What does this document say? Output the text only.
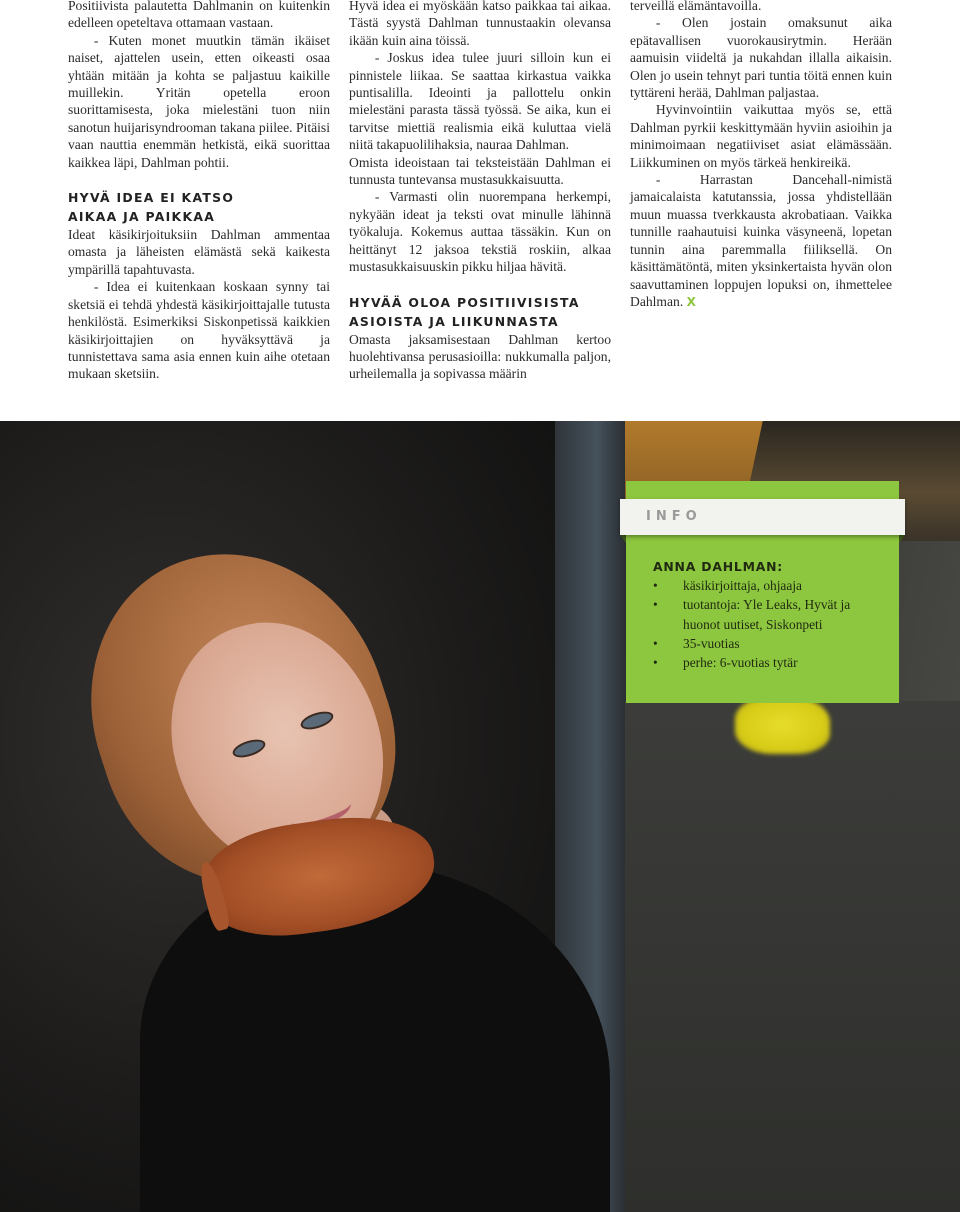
Positiivista palautetta Dahlmanin on kuitenkin edelleen opeteltava ottamaan vastaan.

- Kuten monet muutkin tämän ikäiset naiset, ajattelen usein, etten oikeasti osaa yhtään mitään ja kohta se paljastuu kaikille muillekin. Yritän opetella eroon suorittamisesta, joka mielestäni tuon niin sanotun huijarisyndrooman takana piilee. Pitäisi vaan nauttia enemmän hetkistä, eikä suorittaa kaikkea läpi, Dahlman pohtii.

HYVÄ IDEA EI KATSO
AIKAA JA PAIKKAA

Ideat käsikirjoituksiin Dahlman ammentaa omasta ja läheisten elämästä sekä kaikesta ympärillä tapahtuvasta.

- Idea ei kuitenkaan koskaan synny tai sketsiä ei tehdä yhdestä käsikirjoittajalle tutusta henkilöstä. Esimerkiksi Siskonpetissä kaikkien käsikirjoittajien on hyväksyttävä ja tunnistettava sama asia ennen kuin aihe otetaan mukaan sketsiin.

Hyvä idea ei myöskään katso paikkaa tai aikaa. Tästä syystä Dahlman tunnustaakin olevansa ikään kuin aina töissä.

- Joskus idea tulee juuri silloin kun ei pinnistele liikaa. Se saattaa kirkastua vaikka puntisalilla. Ideointi ja pallottelu onkin mielestäni parasta tässä työssä. Se aika, kun ei tarvitse miettiä realismia eikä kuluttaa vielä niitä takapuolilihaksia, nauraa Dahlman.

Omista ideoistaan tai teksteistään Dahlman ei tunnusta tuntevansa mustasukkaisuutta.

- Varmasti olin nuorempana herkempi, nykyään ideat ja teksti ovat minulle lähinnä työkaluja. Kokemus auttaa tässäkin. Kun on heittänyt 12 jaksoa tekstiä roskiin, alkaa mustasukkaisuuskin pikku hiljaa hävitä.

HYVÄÄ OLOA POSITIIVISISTA
ASIOISTA JA LIIKUNNASTA

Omasta jaksamisestaan Dahlman kertoo huolehtivansa perusasioilla: nukkumalla paljon, urheilemalla ja sopivassa määrin

terveillä elämäntavoilla.

- Olen jostain omaksunut aika epätavallisen vuorokausirytmin. Herään aamuisin viideltä ja nukahdan illalla aikaisin. Olen jo usein tehnyt pari tuntia töitä ennen kuin tyttäreni herää, Dahlman paljastaa.

Hyvinvointiin vaikuttaa myös se, että Dahlman pyrkii keskittymään hyviin asioihin ja minimoimaan negatiiviset asiat elämässään. Liikkuminen on myös tärkeä henkireikä.

- Harrastan Dancehall-nimistä jamaicalaista katutanssia, jossa yhdistellään muun muassa tverkkausta akrobatiaan. Vaikka tunnille raahautuisi kuinka väsyneenä, lopetan tunnin aina paremmalla fiiliksellä. On käsittämätöntä, miten yksinkertaista hyvän olon saavuttaminen loppujen lopuksi on, ihmettelee Dahlman. X

INFO

ANNA DAHLMAN:

• käsikirjoittaja, ohjaaja
• tuotantoja: Yle Leaks, Hyvät ja huonot uutiset, Siskonpeti
• 35-vuotias
• perhe: 6-vuotias tytär
